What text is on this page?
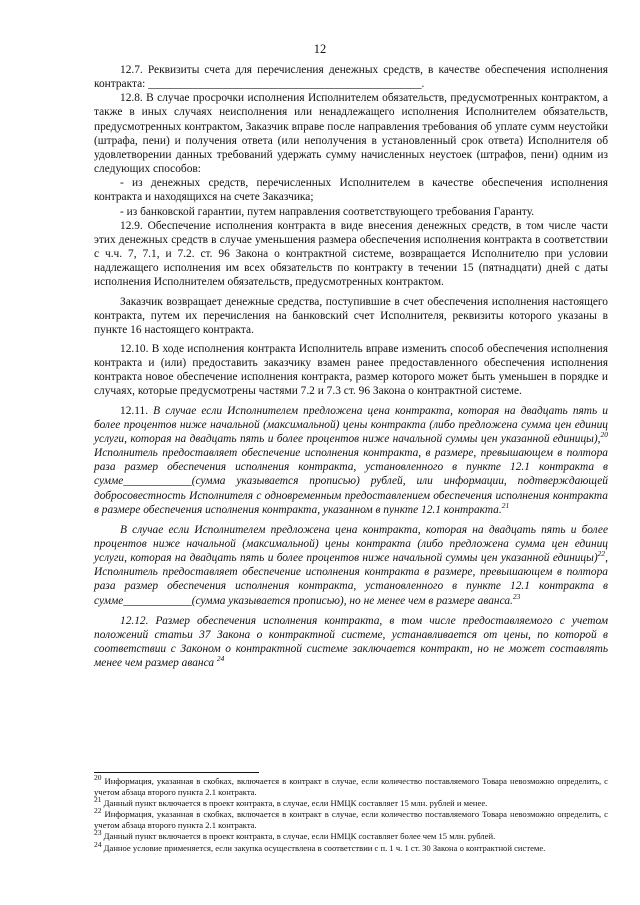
12

12.7. Реквизиты счета для перечисления денежных средств, в качестве обеспечения исполнения контракта: ________________________________________________.

12.8. В случае просрочки исполнения Исполнителем обязательств, предусмотренных контрактом, а также в иных случаях неисполнения или ненадлежащего исполнения Исполнителем обязательств, предусмотренных контрактом, Заказчик вправе после направления требования об уплате сумм неустойки (штрафа, пени) и получения ответа (или неполучения в установленный срок ответа) Исполнителя об удовлетворении данных требований удержать сумму начисленных неустоек (штрафов, пени) одним из следующих способов:

- из денежных средств, перечисленных Исполнителем в качестве обеспечения исполнения контракта и находящихся на счете Заказчика;

- из банковской гарантии, путем направления соответствующего требования Гаранту.

12.9. Обеспечение исполнения контракта в виде внесения денежных средств, в том числе части этих денежных средств в случае уменьшения размера обеспечения исполнения контракта в соответствии с ч.ч. 7, 7.1, и 7.2. ст. 96 Закона о контрактной системе, возвращается Исполнителю при условии надлежащего исполнения им всех обязательств по контракту в течении 15 (пятнадцати) дней с даты исполнения Исполнителем обязательств, предусмотренных контрактом.

Заказчик возвращает денежные средства, поступившие в счет обеспечения исполнения настоящего контракта, путем их перечисления на банковский счет Исполнителя, реквизиты которого указаны в пункте 16 настоящего контракта.

12.10. В ходе исполнения контракта Исполнитель вправе изменить способ обеспечения исполнения контракта и (или) предоставить заказчику взамен ранее предоставленного обеспечения исполнения контракта новое обеспечение исполнения контракта, размер которого может быть уменьшен в порядке и случаях, которые предусмотрены частями 7.2 и 7.3 ст. 96 Закона о контрактной системе.

12.11. В случае если Исполнителем предложена цена контракта, которая на двадцать пять и более процентов ниже начальной (максимальной) цены контракта (либо предложена сумма цен единиц услуги, которая на двадцать пять и более процентов ниже начальной суммы цен указанной единицы),$^{20}$ Исполнитель предоставляет обеспечение исполнения контракта, в размере, превышающем в полтора раза размер обеспечения исполнения контракта, установленного в пункте 12.1 контракта в сумме____________(сумма указывается прописью) рублей, или информации, подтверждающей добросовестность Исполнителя с одновременным предоставлением обеспечения исполнения контракта в размере обеспечения исполнения контракта, указанном в пункте 12.1 контракта.$^{21}$

В случае если Исполнителем предложена цена контракта, которая на двадцать пять и более процентов ниже начальной (максимальной) цены контракта (либо предложена сумма цен единиц услуги, которая на двадцать пять и более процентов ниже начальной суммы цен указанной единицы)$^{22}$, Исполнитель предоставляет обеспечение исполнения контракта в размере, превышающем в полтора раза размер обеспечения исполнения контракта, установленного в пункте 12.1 контракта в сумме____________(сумма указывается прописью), но не менее чем в размере аванса.$^{23}$

12.12. Размер обеспечения исполнения контракта, в том числе предоставляемого с учетом положений статьи 37 Закона о контрактной системе, устанавливается от цены, по которой в соответствии с Законом о контрактной системе заключается контракт, но не может составлять менее чем размер аванса $^{24}$

$^{20}$ Информация, указанная в скобках, включается в контракт в случае, если количество поставляемого Товара невозможно определить, с учетом абзаца второго пункта 2.1 контракта.

$^{21}$ Данный пункт включается в проект контракта, в случае, если НМЦК составляет 15 млн. рублей и менее.

$^{22}$ Информация, указанная в скобках, включается в контракт в случае, если количество поставляемого Товара невозможно определить, с учетом абзаца второго пункта 2.1 контракта.

$^{23}$ Данный пункт включается в проект контракта, в случае, если НМЦК составляет более чем 15 млн. рублей.

$^{24}$ Данное условие применяется, если закупка осуществлена в соответствии с п. 1 ч. 1 ст. 30 Закона о контрактной системе.
